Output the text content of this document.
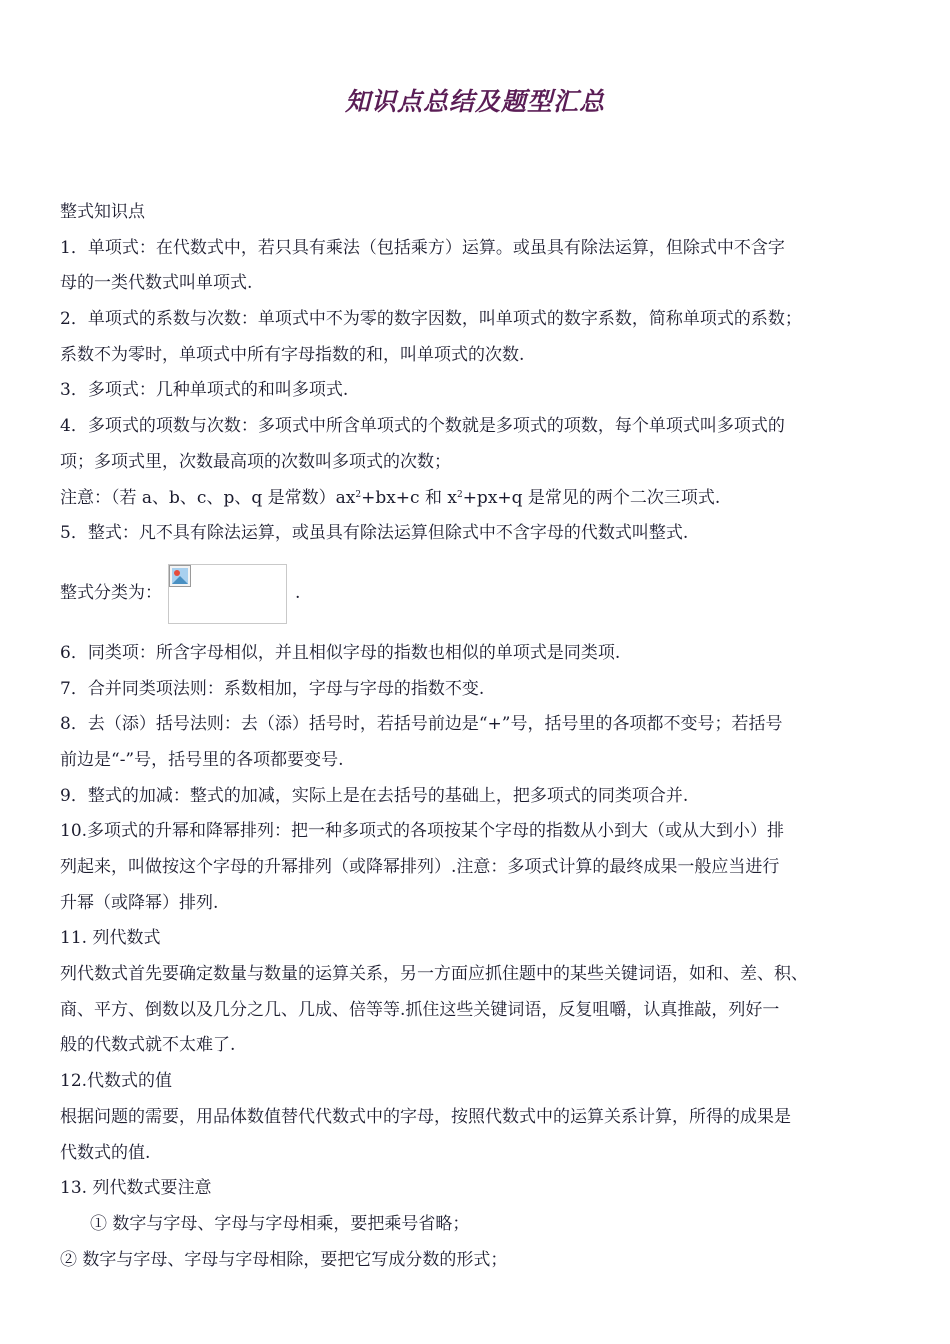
知识点总结及题型汇总
整式知识点
1．单项式：在代数式中，若只具有乘法（包括乘方）运算。或虽具有除法运算，但除式中不含字
母的一类代数式叫单项式.
2．单项式的系数与次数：单项式中不为零的数字因数，叫单项式的数字系数，简称单项式的系数；
系数不为零时，单项式中所有字母指数的和，叫单项式的次数.
3．多项式：几种单项式的和叫多项式.
4．多项式的项数与次数：多项式中所含单项式的个数就是多项式的项数，每个单项式叫多项式的
项；多项式里，次数最高项的次数叫多项式的次数；
注意：（若 a、b、c、p、q 是常数）$ax^2+bx+c$ 和 $x^2+px+q$ 是常见的两个二次三项式.
5．整式：凡不具有除法运算，或虽具有除法运算但除式中不含字母的代数式叫整式.
整式分类为：	.
6．同类项：所含字母相似，并且相似字母的指数也相似的单项式是同类项.
7．合并同类项法则：系数相加，字母与字母的指数不变.
8．去（添）括号法则：去（添）括号时，若括号前边是“+”号，括号里的各项都不变号；若括号
前边是“-”号，括号里的各项都要变号.
9．整式的加减：整式的加减，实际上是在去括号的基础上，把多项式的同类项合并.
10.多项式的升幂和降幂排列：把一种多项式的各项按某个字母的指数从小到大（或从大到小）排
列起来，叫做按这个字母的升幂排列（或降幂排列）.注意：多项式计算的最终成果一般应当进行
升幂（或降幂）排列.
11. 列代数式
列代数式首先要确定数量与数量的运算关系，另一方面应抓住题中的某些关键词语，如和、差、积、
商、平方、倒数以及几分之几、几成、倍等等.抓住这些关键词语，反复咀嚼，认真推敲，列好一
般的代数式就不太难了.
12.代数式的值
根据问题的需要，用品体数值替代代数式中的字母，按照代数式中的运算关系计算，所得的成果是
代数式的值.
13. 列代数式要注意
① 数字与字母、字母与字母相乘，要把乘号省略；
② 数字与字母、字母与字母相除，要把它写成分数的形式；
